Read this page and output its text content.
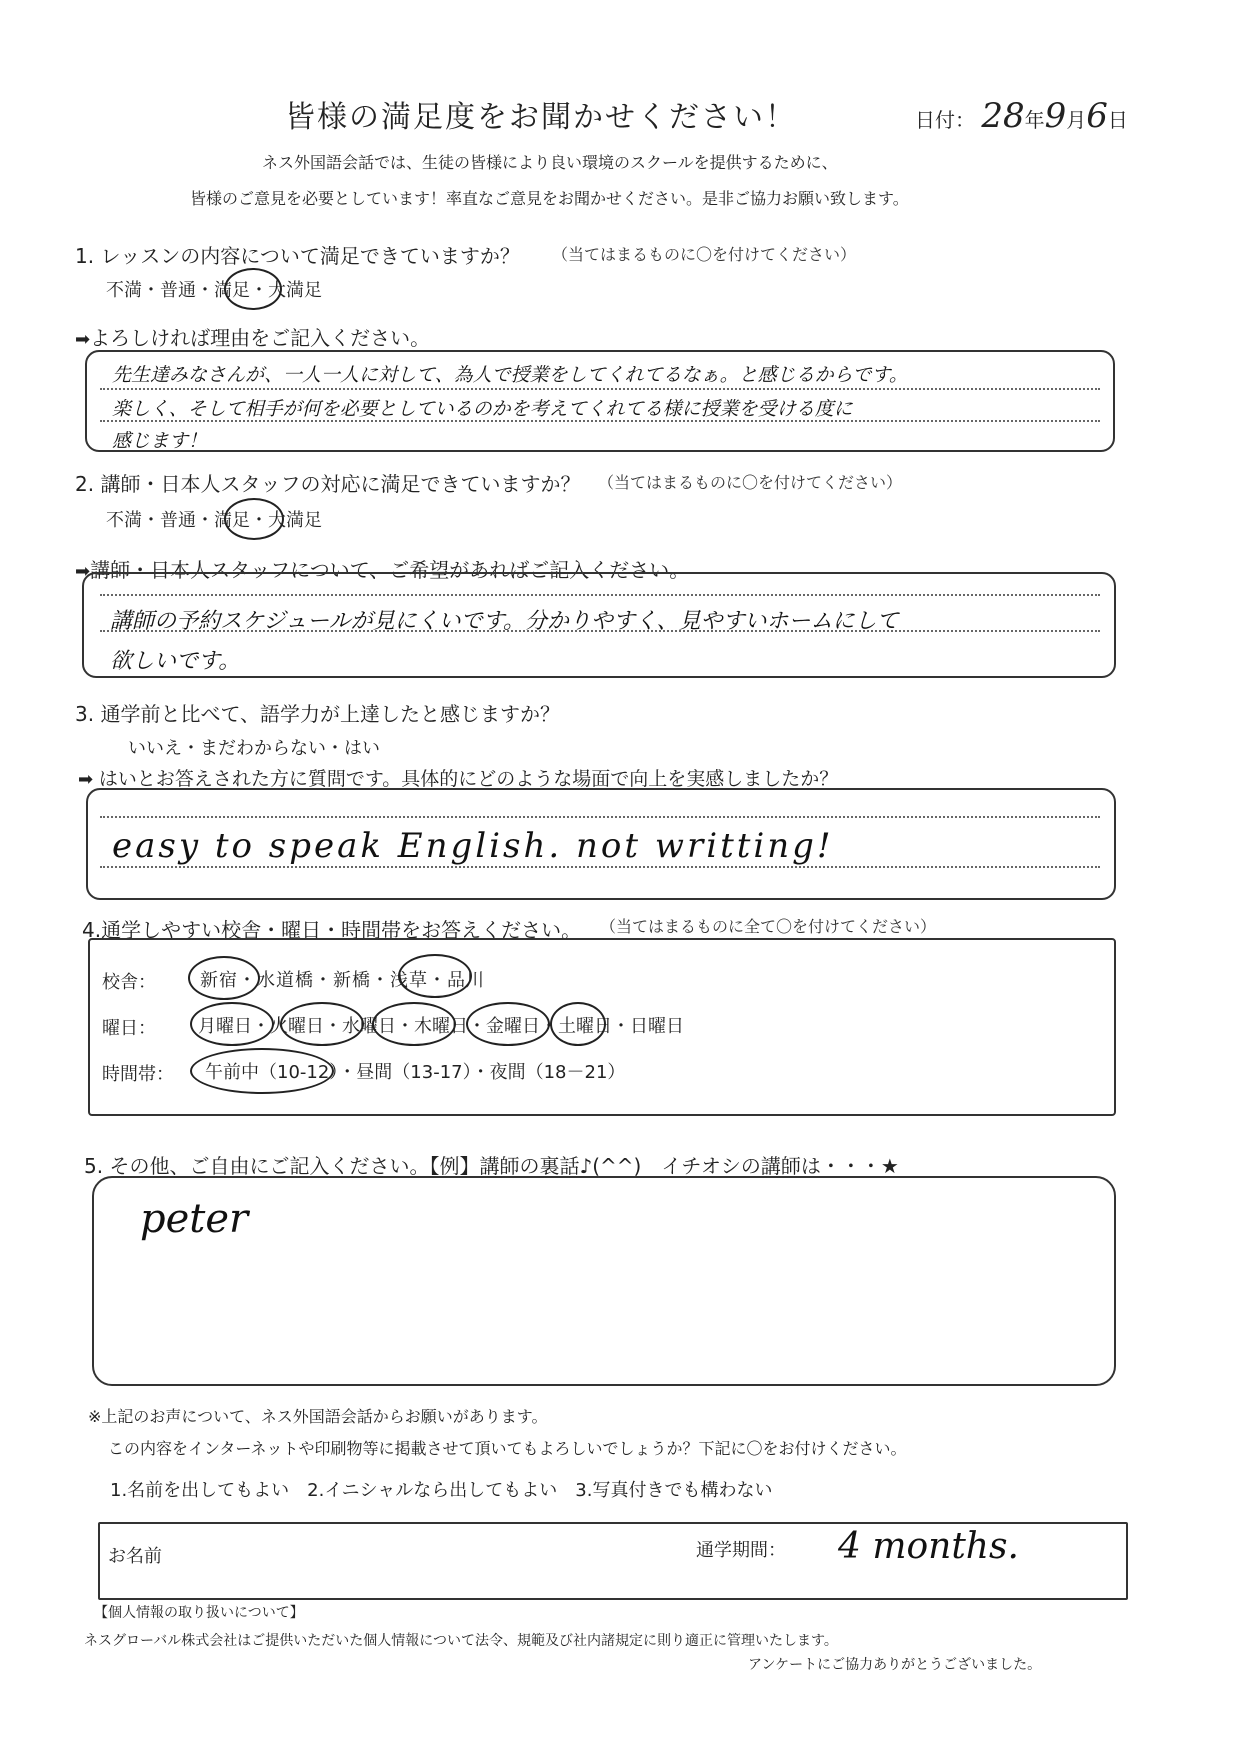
皆様の満足度をお聞かせください！	日付： 28年9月6日
ネス外国語会話では、生徒の皆様により良い環境のスクールを提供するために、
皆様のご意見を必要としています！率直なご意見をお聞かせください。是非ご協力お願い致します。
1. レッスンの内容について満足できていますか？ （当てはまるものに〇を付けてください）
不満・普通・満足・大満足
➡よろしければ理由をご記入ください。
先生達みなさんが、一人一人に対して、為人で授業をしてくれてるなぁ。と感じるからです。
楽しく、そして相手が何を必要としているのかを考えてくれてる様に授業を受ける度に
感じます！
2. 講師・日本人スタッフの対応に満足できていますか？ （当てはまるものに〇を付けてください）
不満・普通・満足・大満足
➡講師・日本人スタッフについて、ご希望があればご記入ください。
講師の予約スケジュールが見にくいです。分かりやすく、見やすいホームにして
欲しいです。
3. 通学前と比べて、語学力が上達したと感じますか？
いいえ・まだわからない・はい
➡ はいとお答えされた方に質問です。具体的にどのような場面で向上を実感しましたか？
easy to speak English. not writting!
4.通学しやすい校舎・曜日・時間帯をお答えください。 （当てはまるものに全て〇を付けてください）
校舎： 新宿・水道橋・新橋・浅草・品川
曜日： 月曜日・火曜日・水曜日・木曜日・金曜日・土曜日・日曜日
時間帯： 午前中（10-12）・昼間（13-17）・夜間（18－21）
5. その他、ご自由にご記入ください。【例】講師の裏話♪(^^)　イチオシの講師は・・・★
peter
※上記のお声について、ネス外国語会話からお願いがあります。
この内容をインターネットや印刷物等に掲載させて頂いてもよろしいでしょうか？下記に〇をお付けください。
1.名前を出してもよい　2.イニシャルなら出してもよい　3.写真付きでも構わない
お名前	通学期間： 4 months.
【個人情報の取り扱いについて】
ネスグローバル株式会社はご提供いただいた個人情報について法令、規範及び社内諸規定に則り適正に管理いたします。
アンケートにご協力ありがとうございました。
